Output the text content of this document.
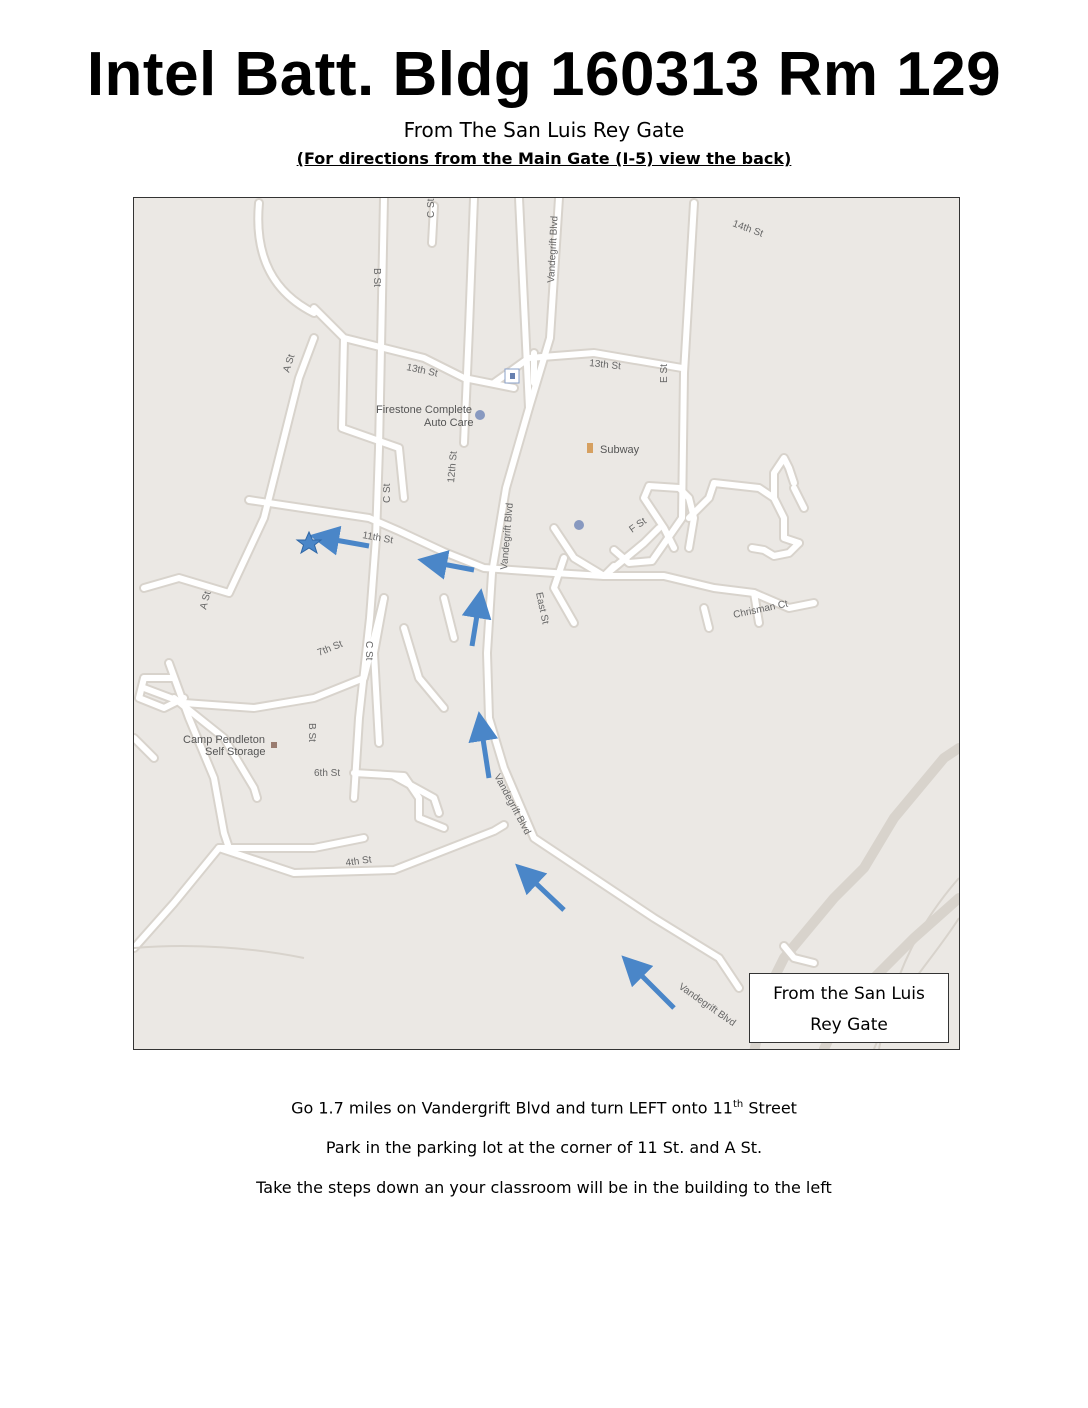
Intel Batt. Bldg 160313 Rm 129
From The San Luis Rey Gate
(For directions from the Main Gate (I-5) view the back)
C St
B St	Vandegrift Blvd	14th St
A St	13th St	13th St	E St
12th St
C St
Vandegrift Blvd
11th St
F St
East St	Chrisman Ct
A St
7th St C St
B St
6th St	Vandegrift Blvd
4th St
Vandegrift Blvd
Firestone Complete
Auto Care
Subway
Camp Pendleton
Self Storage
From the San Luis
Rey Gate

Go 1.7 miles on Vandergrift Blvd and turn LEFT onto 11th Street

Park in the parking lot at the corner of 11 St. and A St.

Take the steps down an your classroom will be in the building to the left
